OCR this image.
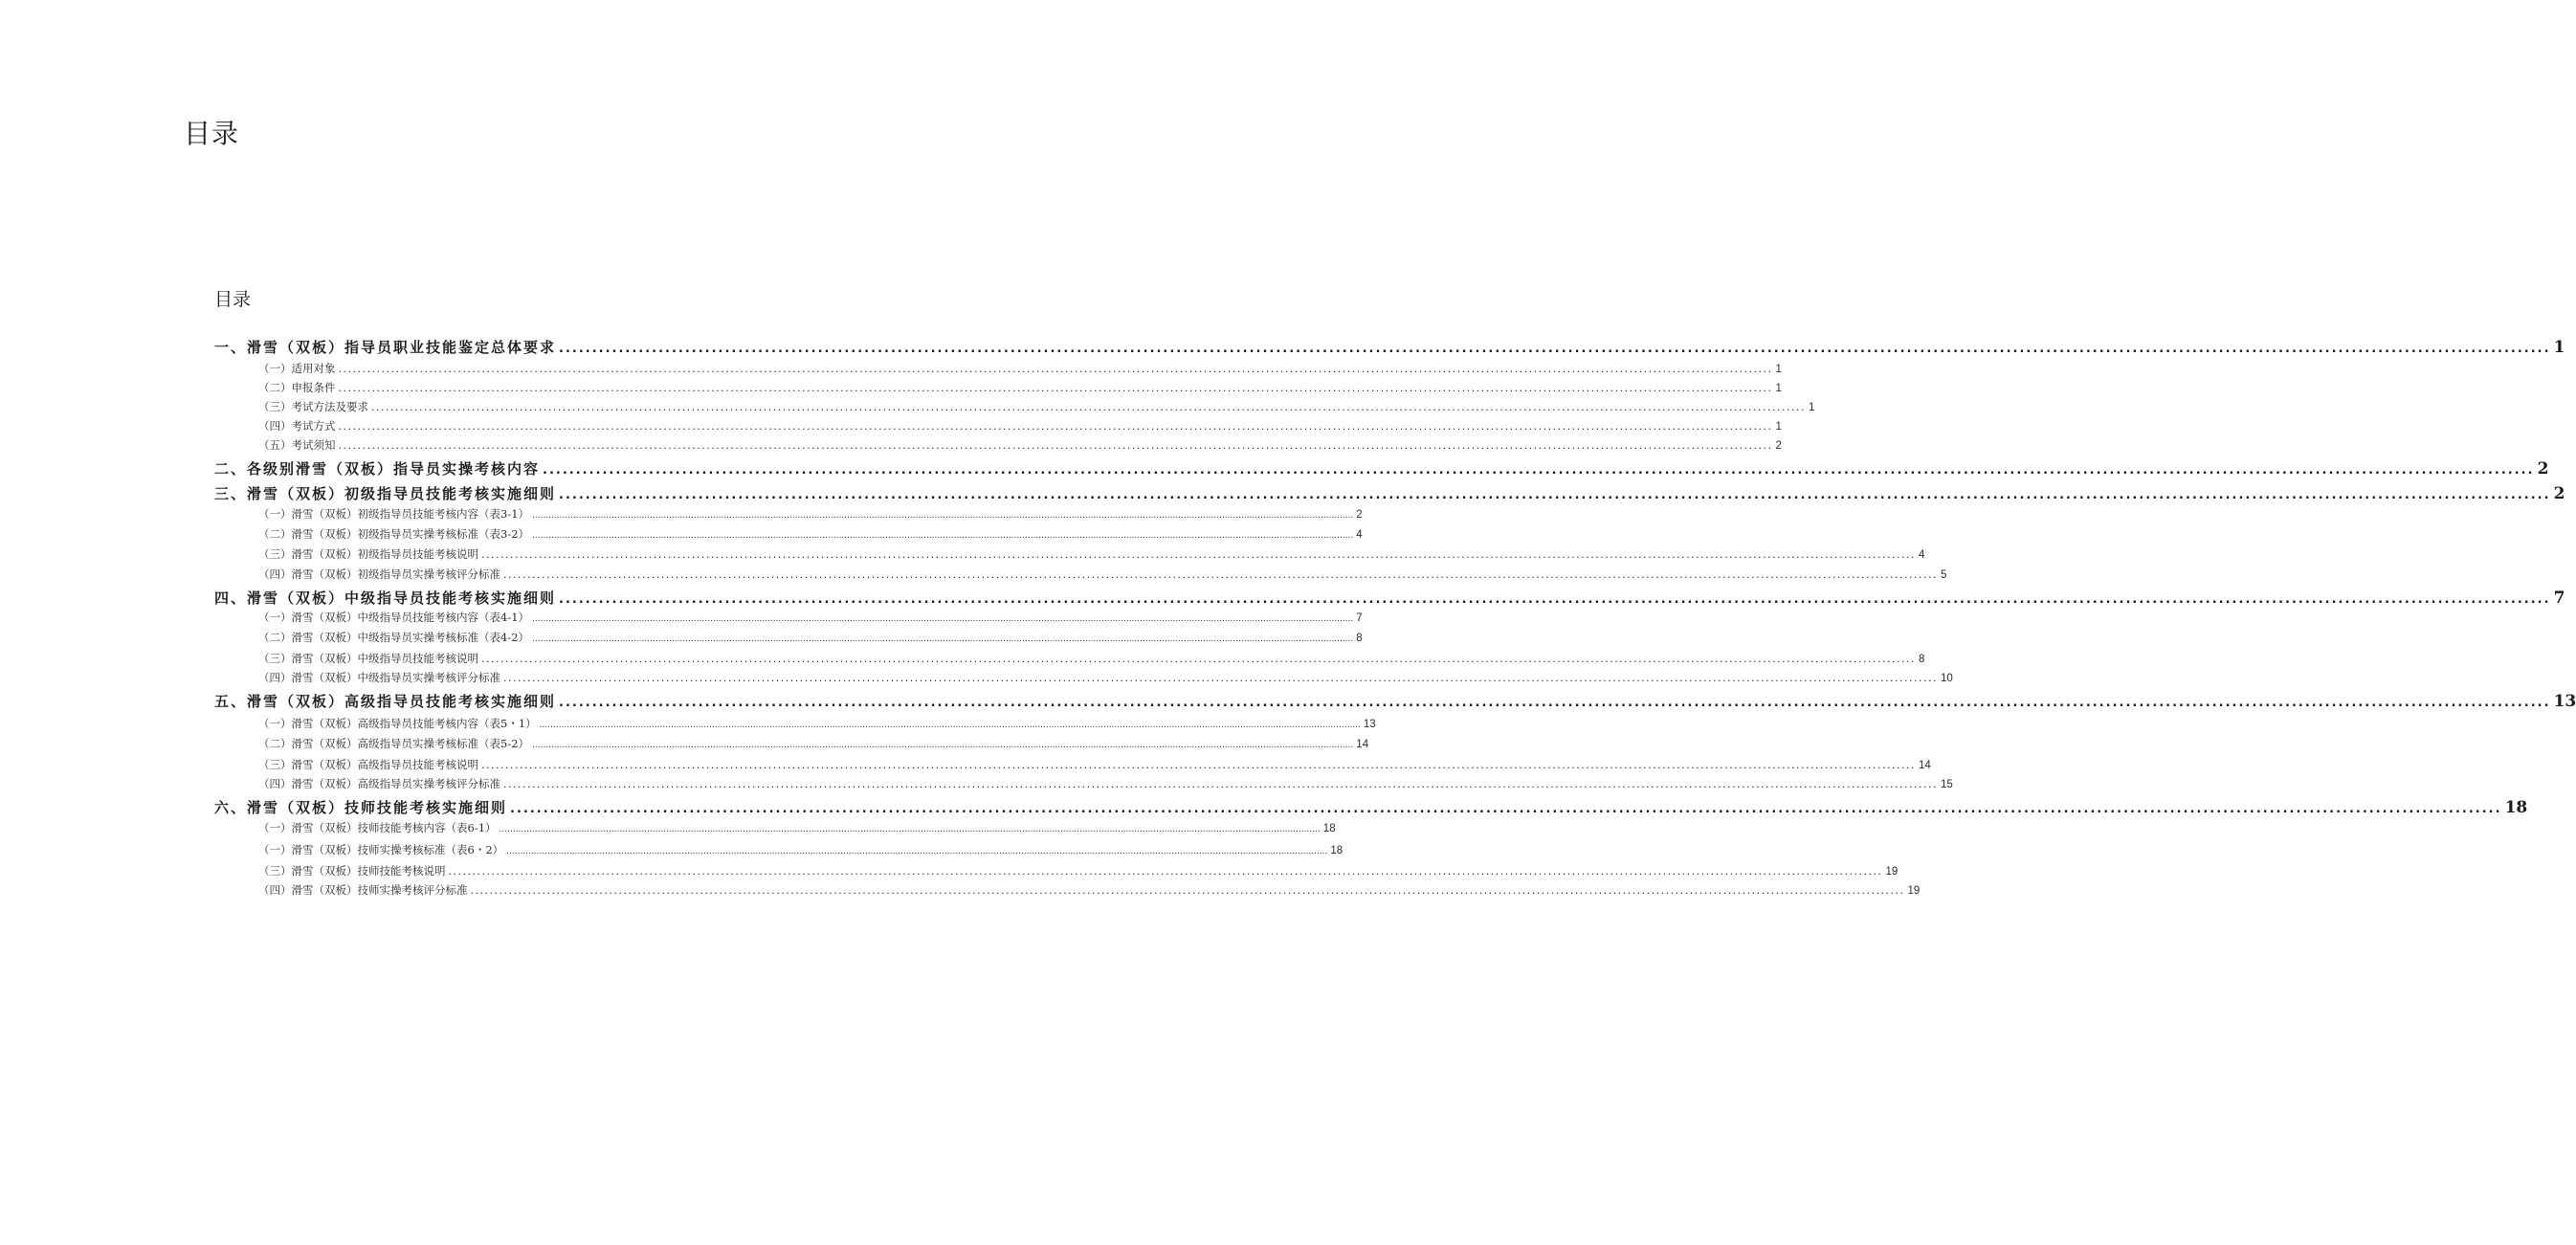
目录
目录
一、滑雪（双板）指导员职业技能鉴定总体要求 ............................................................................................................................................................................................................................................................................................................ 1
（一）适用对象 ............................................................................................................................................................................................................................................................................................................ 1
（二）申报条件 ............................................................................................................................................................................................................................................................................................................ 1
（三）考试方法及要求 ............................................................................................................................................................................................................................................................................................................ 1
（四）考试方式 ............................................................................................................................................................................................................................................................................................................ 1
（五）考试须知 ............................................................................................................................................................................................................................................................................................................ 2
二、各级别滑雪（双板）指导员实操考核内容 ............................................................................................................................................................................................................................................................................................................ 2
三、滑雪（双板）初级指导员技能考核实施细则 ............................................................................................................................................................................................................................................................................................................ 2
（一）滑雪（双板）初级指导员技能考核内容（表3-1） ............................................................................................................................................................................................................................................................................................................ 2
（二）滑雪（双板）初级指导员实操考核标准（表3-2） ............................................................................................................................................................................................................................................................................................................ 4
（三）滑雪（双板）初级指导员技能考核说明 ............................................................................................................................................................................................................................................................................................................ 4
（四）滑雪（双板）初级指导员实操考核评分标准 ............................................................................................................................................................................................................................................................................................................ 5
四、滑雪（双板）中级指导员技能考核实施细则 ............................................................................................................................................................................................................................................................................................................ 7
（一）滑雪（双板）中级指导员技能考核内容（表4-1） ............................................................................................................................................................................................................................................................................................................ 7
（二）滑雪（双板）中级指导员实操考核标准（表4-2） ............................................................................................................................................................................................................................................................................................................ 8
（三）滑雪（双板）中级指导员技能考核说明 ............................................................................................................................................................................................................................................................................................................ 8
（四）滑雪（双板）中级指导员实操考核评分标准 ............................................................................................................................................................................................................................................................................................................ 10
五、滑雪（双板）高级指导员技能考核实施细则 ............................................................................................................................................................................................................................................................................................................ 13
（一）滑雪（双板）高级指导员技能考核内容（表5・1） ............................................................................................................................................................................................................................................................................................................ 13
（二）滑雪（双板）高级指导员实操考核标准（表5-2） ............................................................................................................................................................................................................................................................................................................ 14
（三）滑雪（双板）高级指导员技能考核说明 ............................................................................................................................................................................................................................................................................................................ 14
（四）滑雪（双板）高级指导员实操考核评分标准 ............................................................................................................................................................................................................................................................................................................ 15
六、滑雪（双板）技师技能考核实施细则 ............................................................................................................................................................................................................................................................................................................ 18
（一）滑雪（双板）技师技能考核内容（表6-1） ............................................................................................................................................................................................................................................................................................................ 18
（一）滑雪（双板）技师实操考核标准（表6・2） ............................................................................................................................................................................................................................................................................................................ 18
（三）滑雪（双板）技师技能考核说明 ............................................................................................................................................................................................................................................................................................................ 19
（四）滑雪（双板）技师实操考核评分标准 ............................................................................................................................................................................................................................................................................................................ 19
